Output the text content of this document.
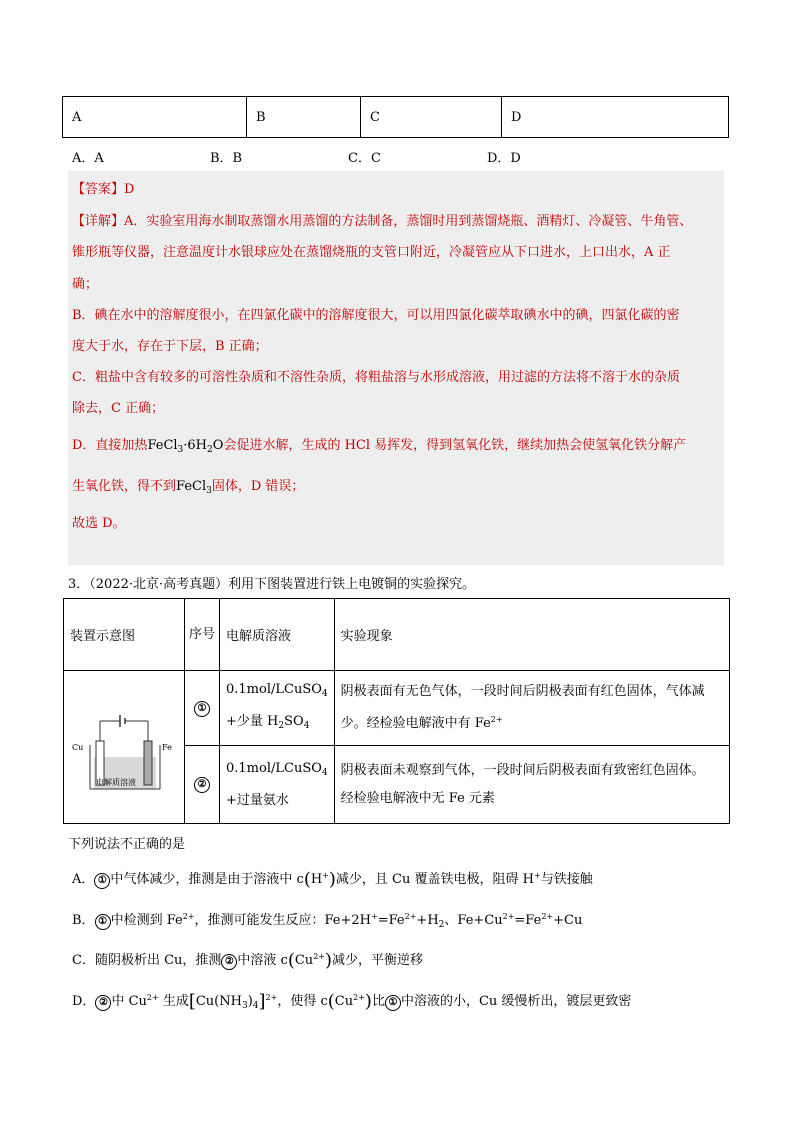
A	B	C	D
A．A	B．B	C．C	D．D
【答案】D
【详解】A．实验室用海水制取蒸馏水用蒸馏的方法制备，蒸馏时用到蒸馏烧瓶、酒精灯、冷凝管、牛角管、
锥形瓶等仪器，注意温度计水银球应处在蒸馏烧瓶的支管口附近，冷凝管应从下口进水，上口出水，A 正
确；
B．碘在水中的溶解度很小，在四氯化碳中的溶解度很大，可以用四氯化碳萃取碘水中的碘，四氯化碳的密
度大于水，存在于下层，B 正确；
C．粗盐中含有较多的可溶性杂质和不溶性杂质，将粗盐溶与水形成溶液，用过滤的方法将不溶于水的杂质
除去，C 正确；
D．直接加热$FeCl_3\cdot 6H_2O$会促进水解，生成的 HCl 易挥发，得到氢氧化铁，继续加热会使氢氧化铁分解产
生氧化铁，得不到FeCl$_3$固体，D 错误；
故选 D。
3．（2022·北京·高考真题）利用下图装置进行铁上电镀铜的实验探究。
装置示意图	序号	电解质溶液	实验现象

Cu Fe
电解质溶液	①	0.1mol/LCuSO$_4$
+少量 $H_2SO_4$	阴极表面有无色气体，一段时间后阴极表面有红色固体，气体减
少。经检验电解液中有 $Fe^{2+}$
	②	0.1mol/LCuSO$_4$
+过量氨水	阴极表面未观察到气体，一段时间后阴极表面有致密红色固体。
经检验电解液中无 Fe 元素
下列说法不正确的是
A． ① 中气体减少，推测是由于溶液中 c(H+)减少，且 Cu 覆盖铁电极，阻碍 H+与铁接触
B． ① 中检测到 $Fe^{2+}$，推测可能发生反应：$Fe+2H^+=Fe^{2+}+H_2$、$Fe+Cu^{2+}=Fe^{2+}+Cu$
C．随阴极析出 Cu，推测 ② 中溶液 $c(Cu^{2+})$减少，平衡逆移
D． ② 中 $Cu^{2+}$ 生成$[Cu(NH_3)_4]^{2+}$，使得 $c(Cu^{2+})$比 ① 中溶液的小，Cu 缓慢析出，镀层更致密
